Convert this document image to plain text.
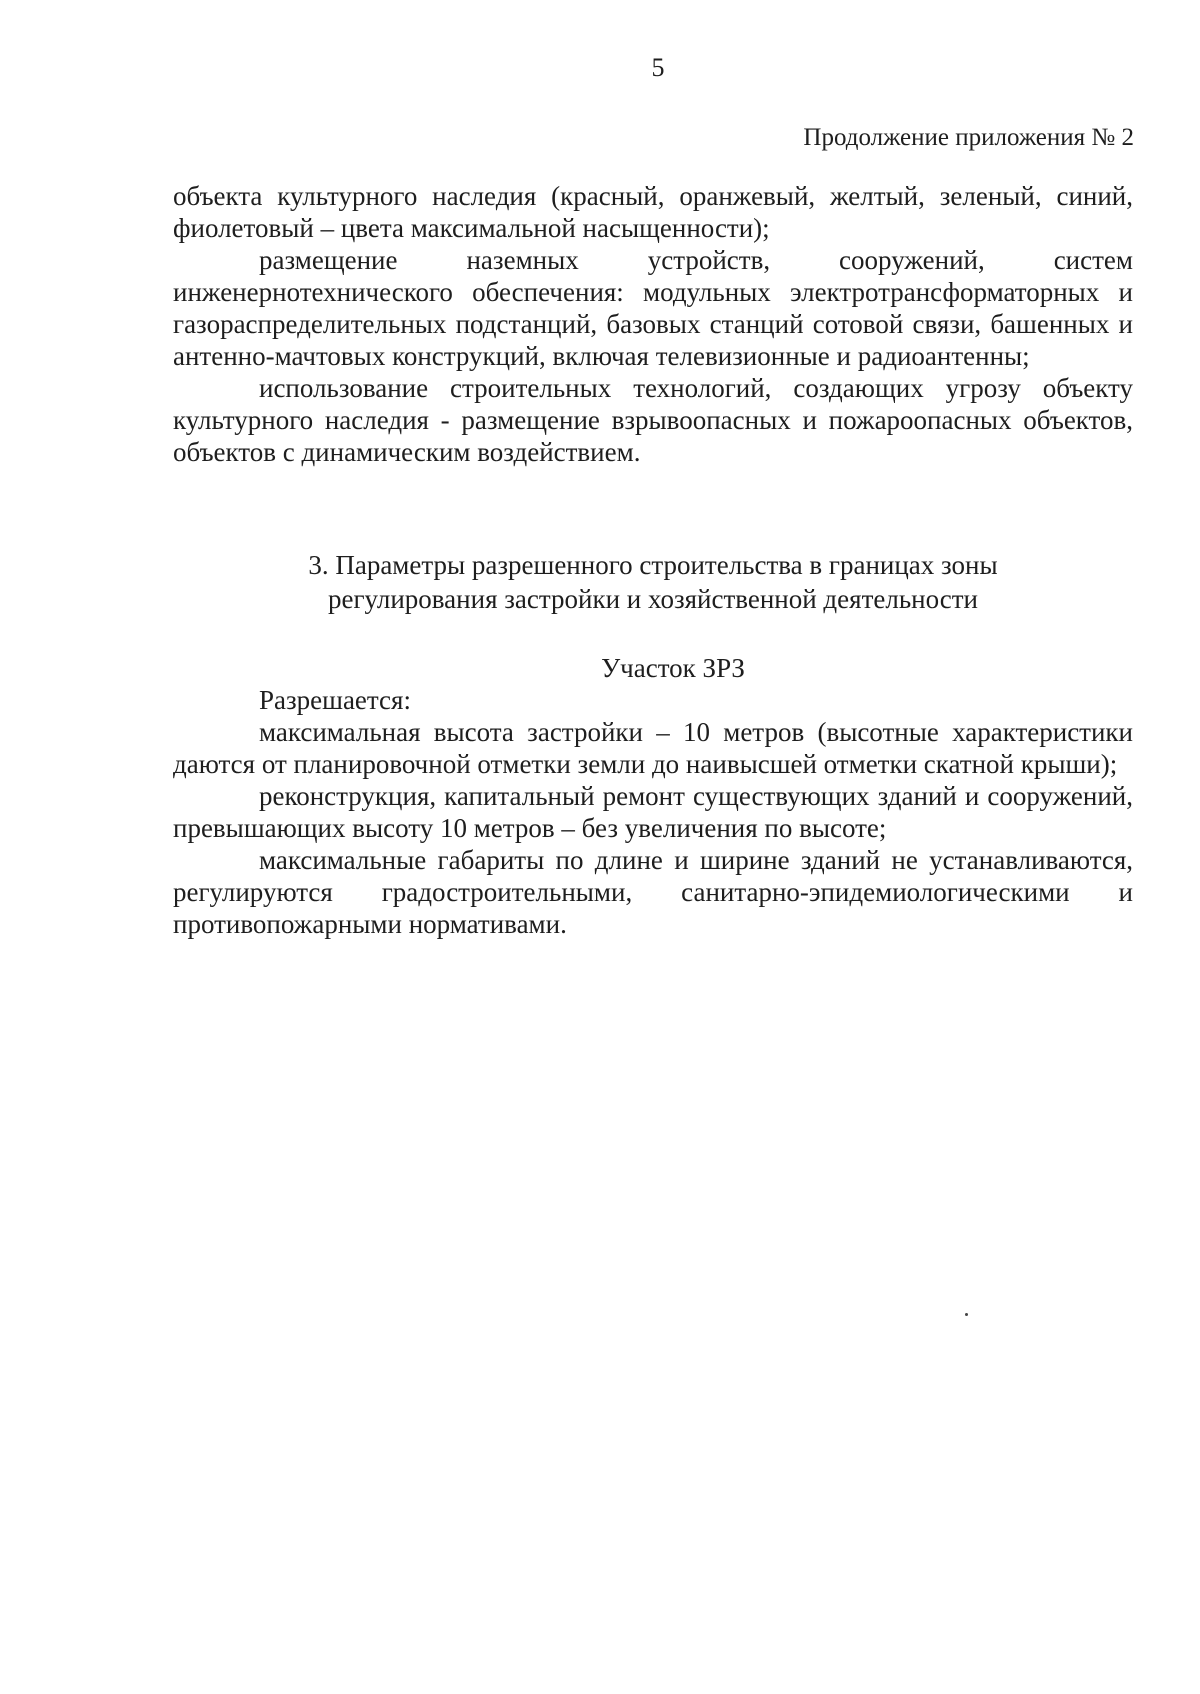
5
Продолжение приложения № 2

объекта культурного наследия (красный, оранжевый, желтый, зеленый, синий, фиолетовый – цвета максимальной насыщенности);

размещение наземных устройств, сооружений, систем инженернотехнического обеспечения: модульных электротрансформаторных и газораспределительных подстанций, базовых станций сотовой связи, башенных и антенно-мачтовых конструкций, включая телевизионные и радиоантенны;

использование строительных технологий, создающих угрозу объекту культурного наследия - размещение взрывоопасных и пожароопасных объектов, объектов с динамическим воздействием.

3. Параметры разрешенного строительства в границах зоны
регулирования застройки и хозяйственной деятельности

Участок ЗРЗ

Разрешается:

максимальная высота застройки – 10 метров (высотные характеристики даются от планировочной отметки земли до наивысшей отметки скатной крыши);

реконструкция, капитальный ремонт существующих зданий и сооружений, превышающих высоту 10 метров – без увеличения по высоте;

максимальные габариты по длине и ширине зданий не устанавливаются, регулируются градостроительными, санитарно-эпидемиологическими и противопожарными нормативами.
